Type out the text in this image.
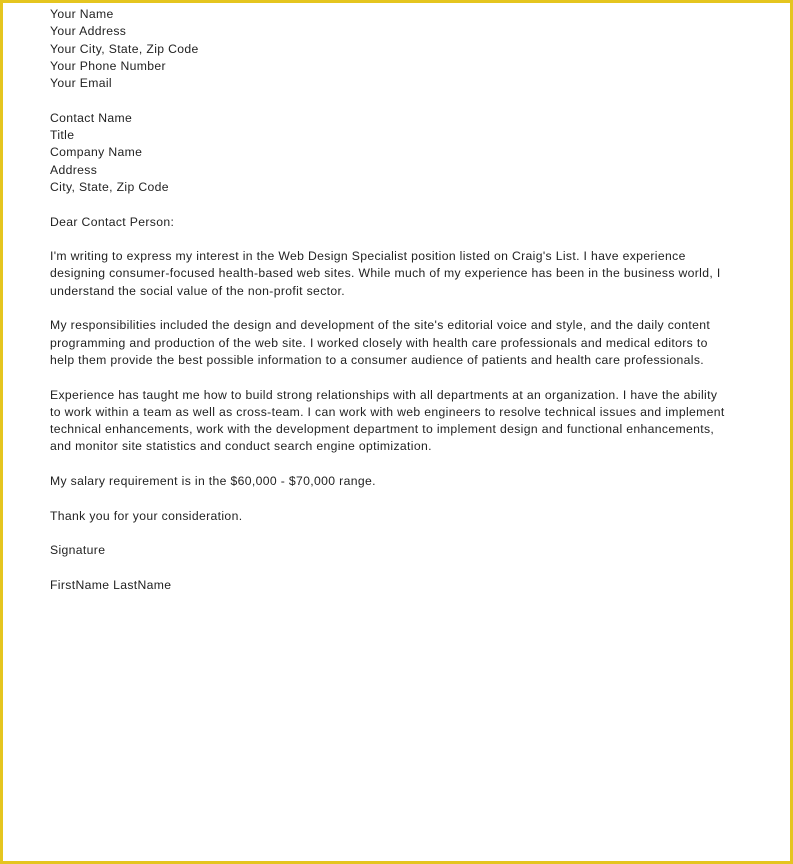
Your Name
Your Address
Your City, State, Zip Code
Your Phone Number
Your Email
Contact Name
Title
Company Name
Address
City, State, Zip Code
Dear Contact Person:
I'm writing to express my interest in the Web Design Specialist position listed on Craig's List. I have experience
designing consumer-focused health-based web sites. While much of my experience has been in the business world, I
understand the social value of the non-profit sector.
My responsibilities included the design and development of the site's editorial voice and style, and the daily content
programming and production of the web site. I worked closely with health care professionals and medical editors to
help them provide the best possible information to a consumer audience of patients and health care professionals.
Experience has taught me how to build strong relationships with all departments at an organization. I have the ability
to work within a team as well as cross-team. I can work with web engineers to resolve technical issues and implement
technical enhancements, work with the development department to implement design and functional enhancements,
and monitor site statistics and conduct search engine optimization.
My salary requirement is in the $60,000 - $70,000 range.
Thank you for your consideration.
Signature
FirstName LastName
